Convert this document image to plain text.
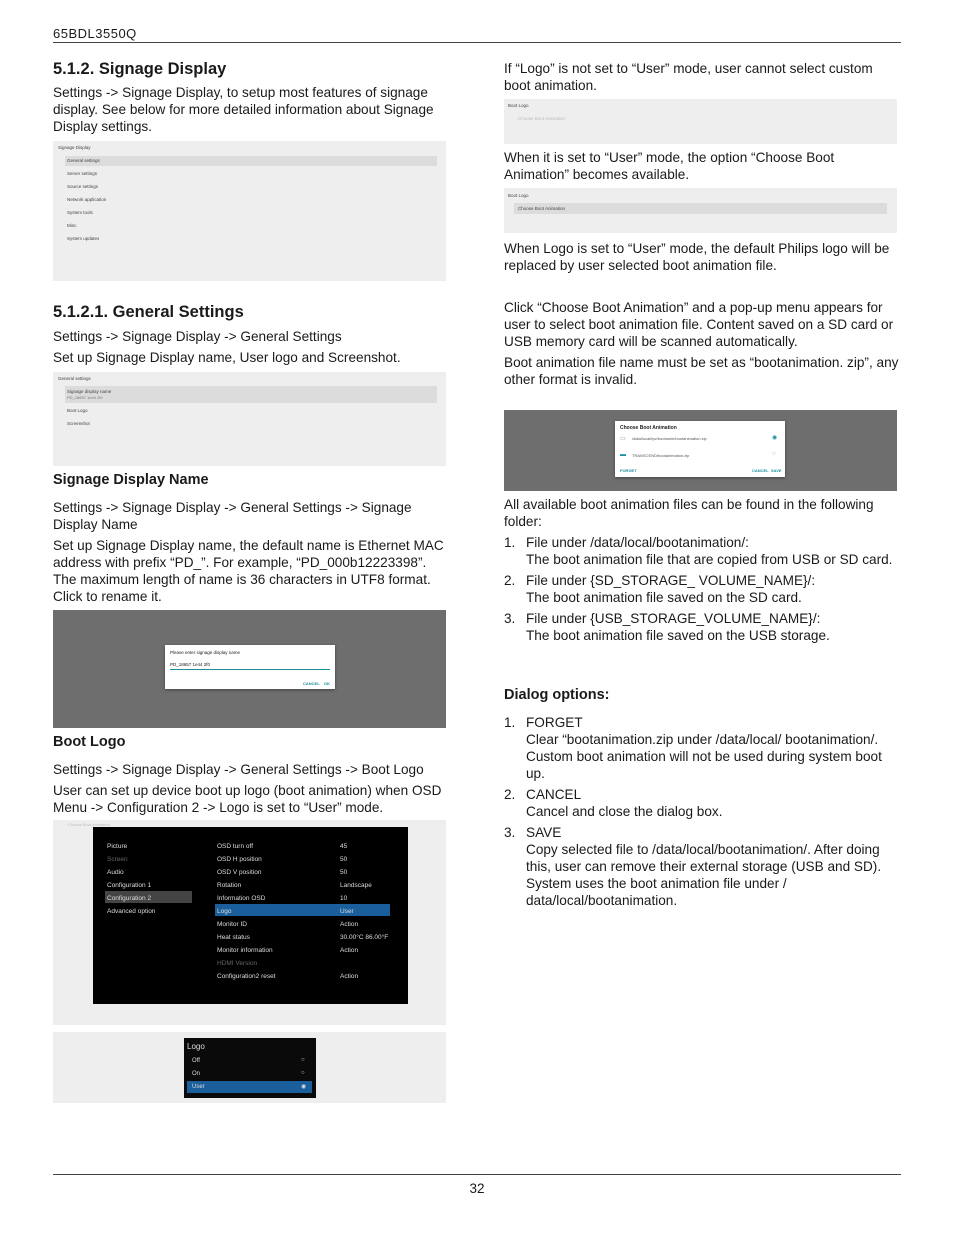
65BDL3550Q
5.1.2. Signage Display

Settings -> Signage Display, to setup most features of signage display. See below for more detailed information about Signage Display settings.

Signage Display
General settings
Server settings
Source settings
Network application
System tools
Misc.
System updates
5.1.2.1. General Settings

Settings -> Signage Display -> General Settings

Set up Signage Display name, User logo and Screenshot.

General settings
Signage display name
PD_18657 1e44 2f0
Boot Logo
Screenshot
Signage Display Name

Settings -> Signage Display -> General Settings -> Signage Display Name

Set up Signage Display name, the default name is Ethernet MAC address with prefix “PD_”. For example, “PD_000b12223398”. The maximum length of name is 36 characters in UTF8 format. Click to rename it.

Please enter signage display name
PD_18657 1e44 2f0
CANCEL OK
Boot Logo

Settings -> Signage Display -> General Settings -> Boot Logo

User can set up device boot up logo (boot animation) when OSD Menu -> Configuration 2 -> Logo is set to “User” mode.

Choose Boot Animation
Picture
Screen
Audio
Configuration 1
Configuration 2
Advanced option
OSD turn off	45
OSD H position	50
OSD V position	50
Rotation	Landscape
Information OSD	10
Logo	User
Monitor ID	Action
Heat status	30.00°C 86.00°F
Monitor information	Action
HDMI Version
Configuration2 reset	Action
Logo
Off	○
On	○
User	◉

If “Logo” is not set to “User” mode, user cannot select custom boot animation.

Boot Logo
Choose Boot Animation

When it is set to “User” mode, the option “Choose Boot Animation” becomes available.

Boot Logo
Choose Boot Animation

When Logo is set to “User” mode, the default Philips logo will be replaced by user selected boot animation file.

Click “Choose Boot Animation” and a pop-up menu appears for user to select boot animation file. Content saved on a SD card or USB memory card will be scanned automatically.

Boot animation file name must be set as “bootanimation. zip”, any other format is invalid.

Choose Boot Animation
▭ /data/local/tpv/bootanim/bootanimation.zip	◉
▬ TRANSCEND/bootanimation.zip	○
FORGET	CANCEL SAVE

All available boot animation files can be found in the following folder:

1. File under /data/local/bootanimation/:
The boot animation file that are copied from USB or SD card.
2. File under {SD_STORAGE_ VOLUME_NAME}/:
The boot animation file saved on the SD card.
3. File under {USB_STORAGE_VOLUME_NAME}/:
The boot animation file saved on the USB storage.
Dialog options:
1. FORGET
Clear “bootanimation.zip under /data/local/ bootanimation/.
Custom boot animation will not be used during system boot up.
2. CANCEL
Cancel and close the dialog box.
3. SAVE
Copy selected file to /data/local/bootanimation/. After doing this, user can remove their external storage (USB and SD). System uses the boot animation file under / data/local/bootanimation.
32
